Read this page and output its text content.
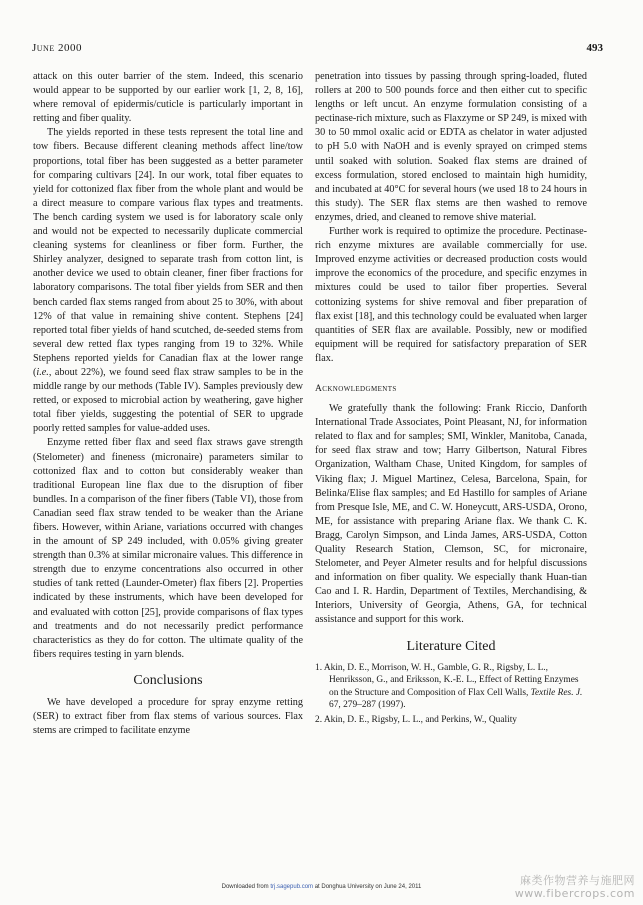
June 2000	493

attack on this outer barrier of the stem. Indeed, this scenario would appear to be supported by our earlier work [1, 2, 8, 16], where removal of epidermis/cuticle is particularly important in retting and fiber quality.

The yields reported in these tests represent the total line and tow fibers. Because different cleaning methods affect line/tow proportions, total fiber has been suggested as a better parameter for comparing cultivars [24]. In our work, total fiber equates to yield for cottonized flax fiber from the whole plant and would be a direct measure to compare various flax types and treatments. The bench carding system we used is for laboratory scale only and would not be expected to necessarily duplicate commercial cleaning systems for cleanliness or fiber form. Further, the Shirley analyzer, designed to separate trash from cotton lint, is another device we used to obtain cleaner, finer fiber fractions for laboratory comparisons. The total fiber yields from SER and then bench carded flax stems ranged from about 25 to 30%, with about 12% of that value in remaining shive content. Stephens [24] reported total fiber yields of hand scutched, de-seeded stems from several dew retted flax types ranging from 19 to 32%. While Stephens reported yields for Canadian flax at the lower range (i.e., about 22%), we found seed flax straw samples to be in the middle range by our methods (Table IV). Samples previously dew retted, or exposed to microbial action by weathering, gave higher total fiber yields, suggesting the potential of SER to upgrade poorly retted samples for value-added uses.

Enzyme retted fiber flax and seed flax straws gave strength (Stelometer) and fineness (micronaire) parameters similar to cottonized flax and to cotton but considerably weaker than traditional European line flax due to the disruption of fiber bundles. In a comparison of the finer fibers (Table VI), those from Canadian seed flax straw tended to be weaker than the Ariane fibers. However, within Ariane, variations occurred with changes in the amount of SP 249 included, with 0.05% giving greater strength than 0.3% at similar micronaire values. This difference in strength due to enzyme concentrations also occurred in other studies of tank retted (Launder-Ometer) flax fibers [2]. Properties indicated by these instruments, which have been developed for and evaluated with cotton [25], provide comparisons of flax types and treatments and do not necessarily predict performance characteristics as they do for cotton. The ultimate quality of the fibers requires testing in yarn blends.

Conclusions

We have developed a procedure for spray enzyme retting (SER) to extract fiber from flax stems of various sources. Flax stems are crimped to facilitate enzyme

penetration into tissues by passing through spring-loaded, fluted rollers at 200 to 500 pounds force and then either cut to specific lengths or left uncut. An enzyme formulation consisting of a pectinase-rich mixture, such as Flaxzyme or SP 249, is mixed with 30 to 50 mmol oxalic acid or EDTA as chelator in water adjusted to pH 5.0 with NaOH and is evenly sprayed on crimped stems until soaked with solution. Soaked flax stems are drained of excess formulation, stored enclosed to maintain high humidity, and incubated at 40°C for several hours (we used 18 to 24 hours in this study). The SER flax stems are then washed to remove enzymes, dried, and cleaned to remove shive material.

Further work is required to optimize the procedure. Pectinase-rich enzyme mixtures are available commercially for use. Improved enzyme activities or decreased production costs would improve the economics of the procedure, and specific enzymes in mixtures could be used to tailor fiber properties. Several cottonizing systems for shive removal and fiber preparation of flax exist [18], and this technology could be evaluated when larger quantities of SER flax are available. Possibly, new or modified equipment will be required for satisfactory preparation of SER flax.

Acknowledgments

We gratefully thank the following: Frank Riccio, Danforth International Trade Associates, Point Pleasant, NJ, for information related to flax and for samples; SMI, Winkler, Manitoba, Canada, for seed flax straw and tow; Harry Gilbertson, Natural Fibres Organization, Waltham Chase, United Kingdom, for samples of Viking flax; J. Miguel Martinez, Celesa, Barcelona, Spain, for Belinka/Elise flax samples; and Ed Hastillo for samples of Ariane from Presque Isle, ME, and C. W. Honeycutt, ARS-USDA, Orono, ME, for assistance with preparing Ariane flax. We thank C. K. Bragg, Carolyn Simpson, and Linda James, ARS-USDA, Cotton Quality Research Station, Clemson, SC, for micronaire, Stelometer, and Peyer Almeter results and for helpful discussions and information on fiber quality. We especially thank Huan-tian Cao and I. R. Hardin, Department of Textiles, Merchandising, & Interiors, University of Georgia, Athens, GA, for technical assistance and support for this work.

Literature Cited
1. Akin, D. E., Morrison, W. H., Gamble, G. R., Rigsby, L. L., Henriksson, G., and Eriksson, K.-E. L., Effect of Retting Enzymes on the Structure and Composition of Flax Cell Walls, Textile Res. J. 67, 279–287 (1997).
2. Akin, D. E., Rigsby, L. L., and Perkins, W., Quality
Downloaded from trj.sagepub.com at Donghua University on June 24, 2011	麻类作物营养与施肥网
www.fibercrops.com
